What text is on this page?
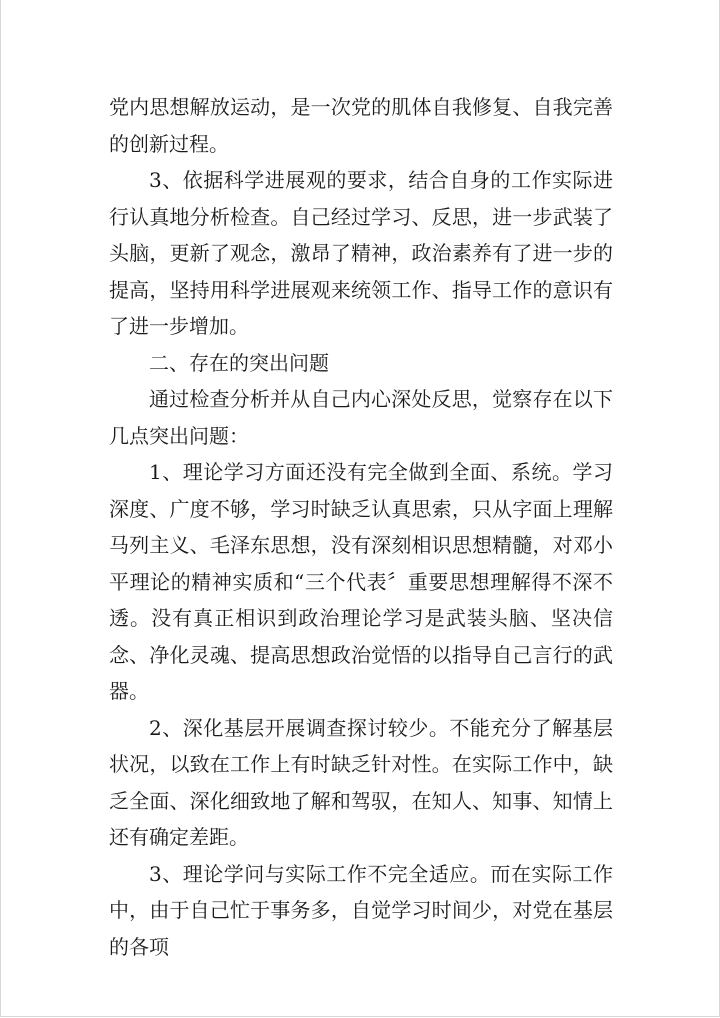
党内思想解放运动，是一次党的肌体自我修复、自我完善的创新过程。

3、依据科学进展观的要求，结合自身的工作实际进行认真地分析检查。自己经过学习、反思，进一步武装了头脑，更新了观念，激昂了精神，政治素养有了进一步的提高，坚持用科学进展观来统领工作、指导工作的意识有了进一步增加。

二、存在的突出问题

通过检查分析并从自己内心深处反思，觉察存在以下几点突出问题：

1、理论学习方面还没有完全做到全面、系统。学习深度、广度不够，学习时缺乏认真思索，只从字面上理解马列主义、毛泽东思想，没有深刻相识思想精髓，对邓小平理论的精神实质和“三个代表〞重要思想理解得不深不透。没有真正相识到政治理论学习是武装头脑、坚决信念、净化灵魂、提高思想政治觉悟的以指导自己言行的武器。

2、深化基层开展调查探讨较少。不能充分了解基层状况，以致在工作上有时缺乏针对性。在实际工作中，缺乏全面、深化细致地了解和驾驭，在知人、知事、知情上还有确定差距。

3、理论学问与实际工作不完全适应。而在实际工作中，由于自己忙于事务多，自觉学习时间少，对党在基层的各项
